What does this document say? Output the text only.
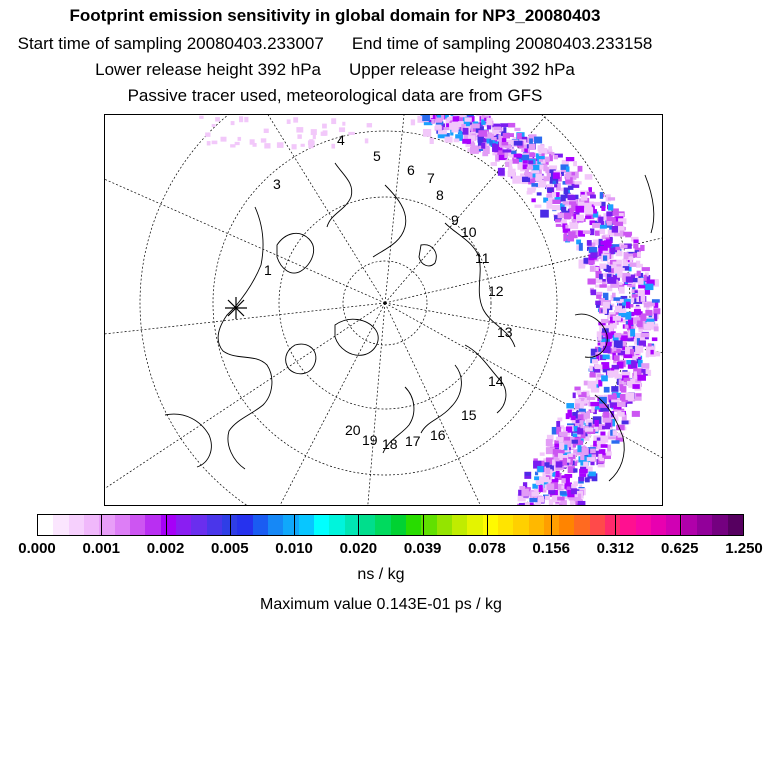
Footprint emission sensitivity in global domain for NP3_20080403
Start time of sampling 20080403.233007 End time of sampling 20080403.233158
Lower release height 392 hPa Upper release height 392 hPa
Passive tracer used, meteorological data are from GFS
1
3
4
5
6 7
8
9
10
11
12
13
14
15
16
17
18
19
20
0.000 0.001 0.002 0.005 0.010 0.020 0.039 0.078 0.156 0.312 0.625 1.250
ns / kg
Maximum value 0.143E-01 ps / kg
